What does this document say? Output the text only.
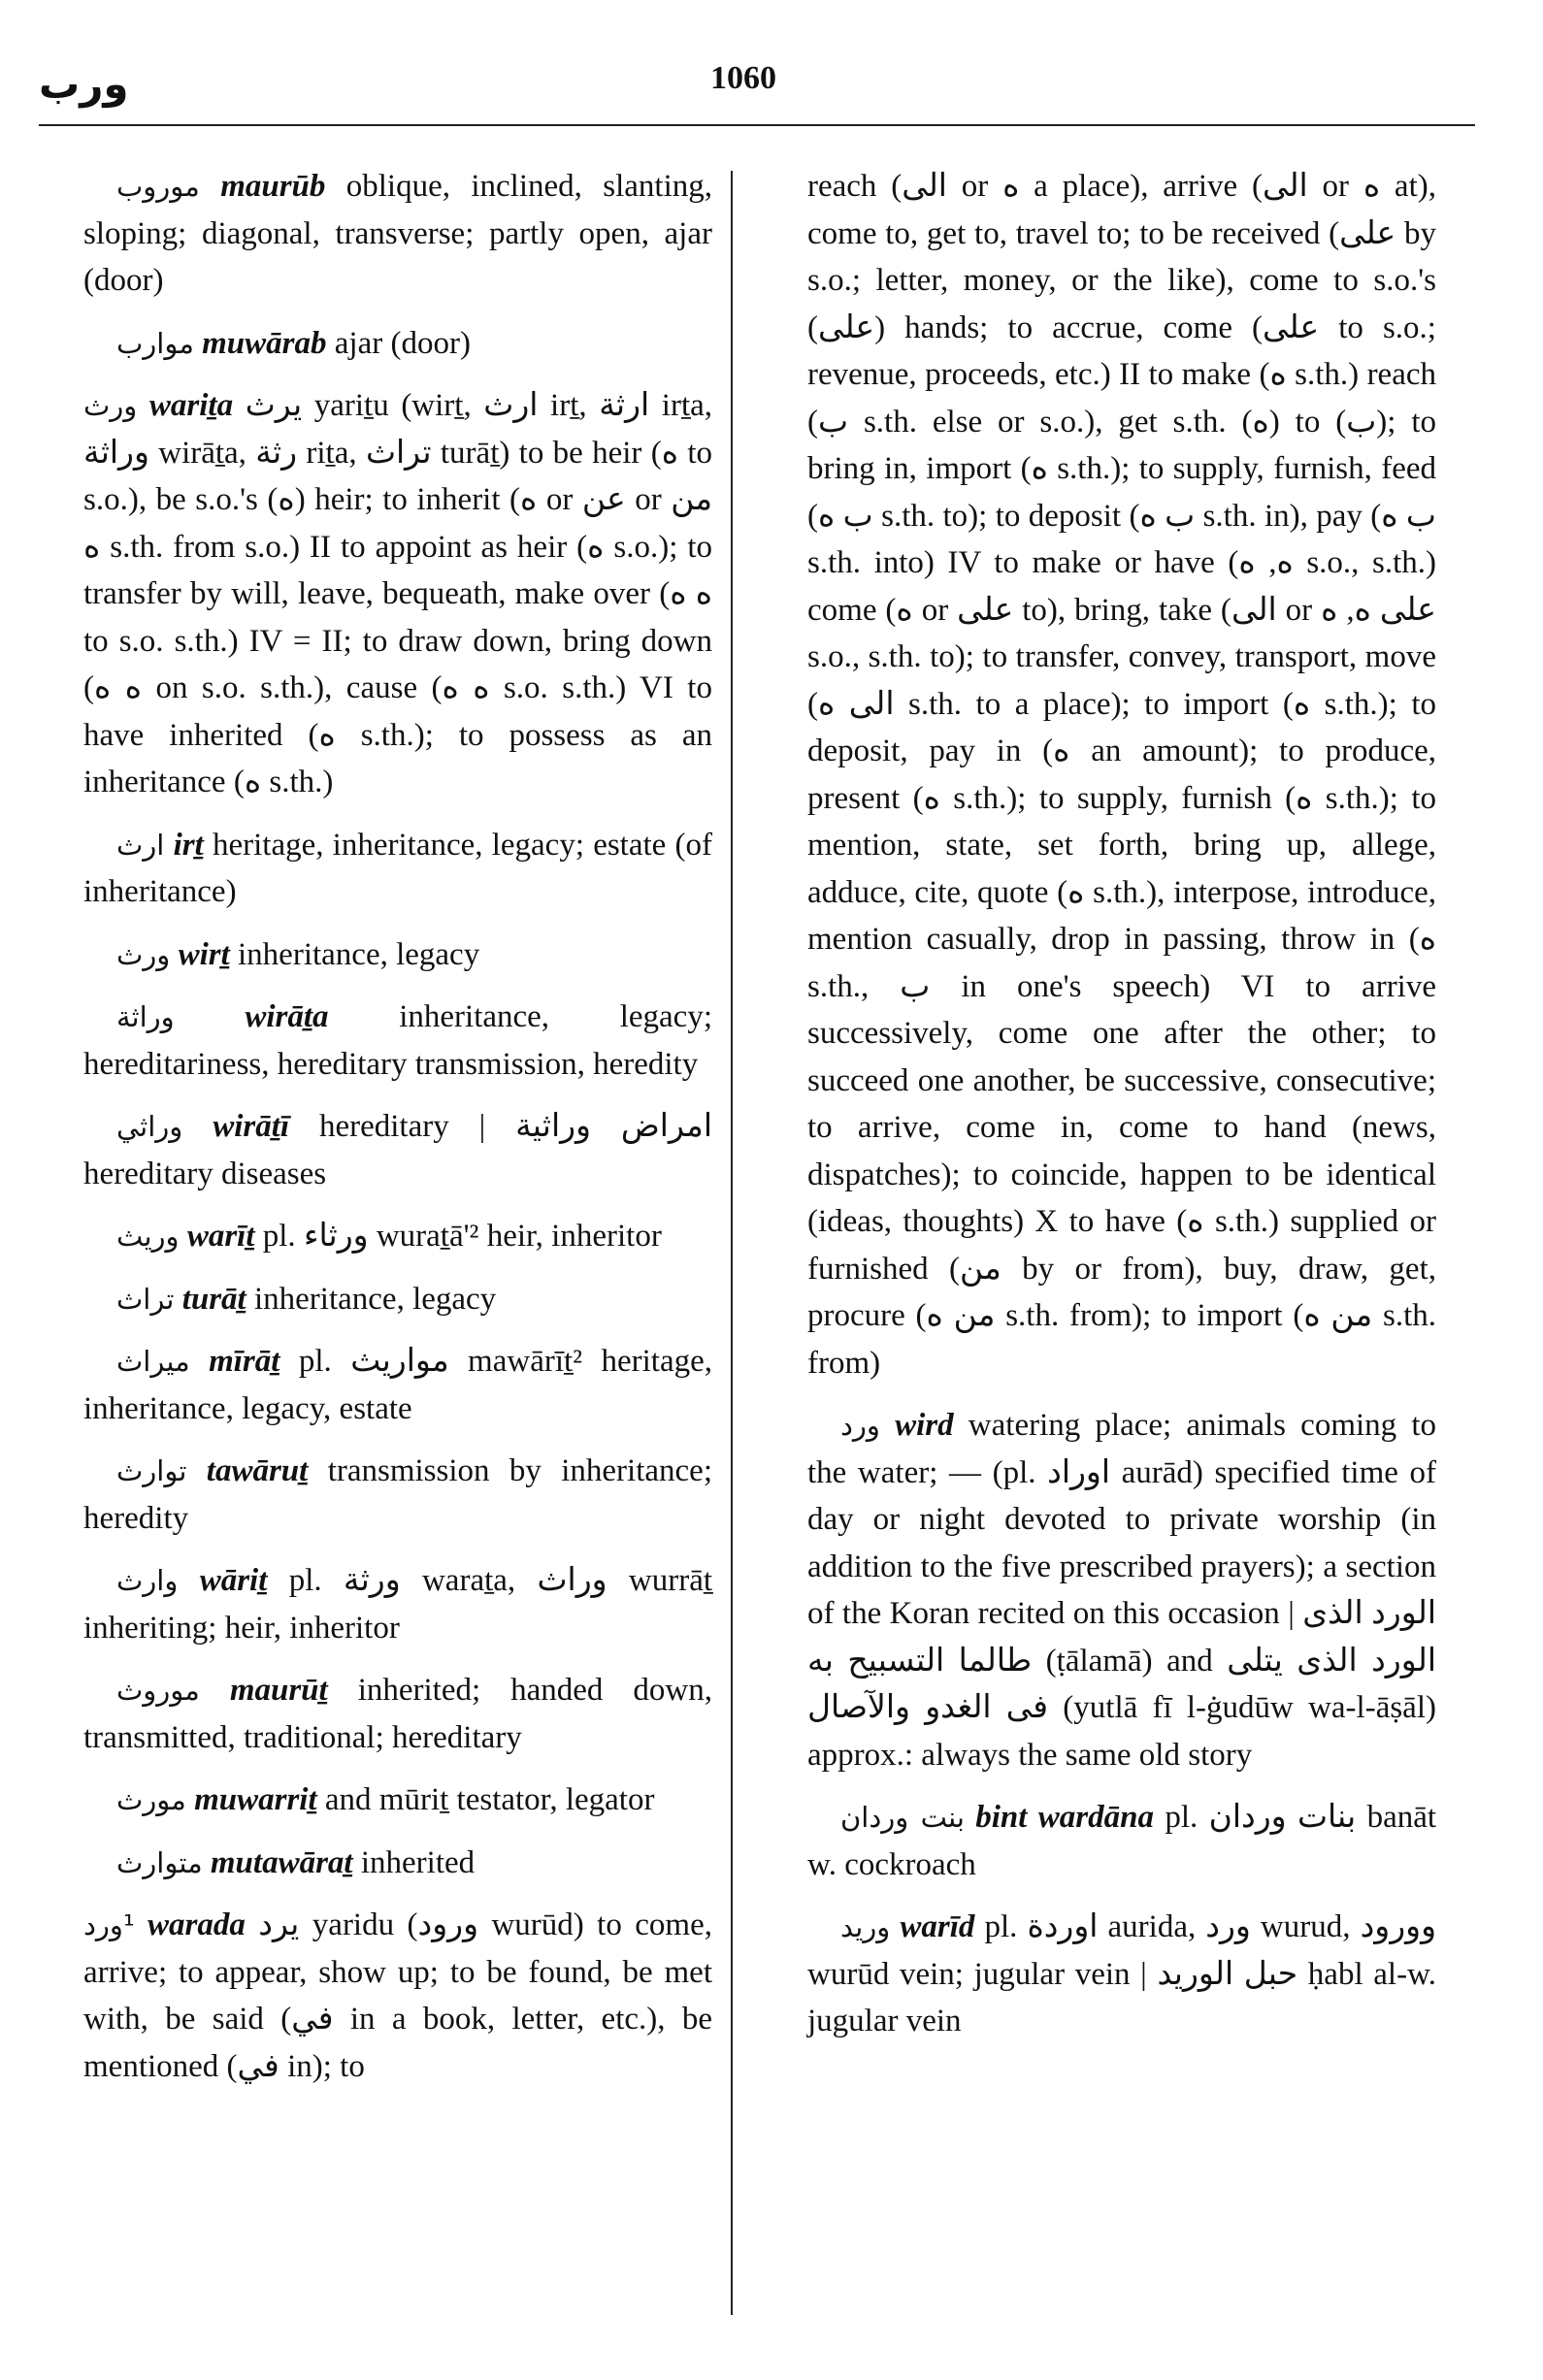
ورب	1060

موروب maurūb oblique, inclined, slanting, sloping; diagonal, transverse; partly open, ajar (door)

موارب muwārab ajar (door)

ورث wariṯa يرث yariṯu (wirṯ, ارث irṯ, ارثة irṯa, وراثة wirāṯa, رثة riṯa, تراث turāṯ) to be heir (ه to s.o.), be s.o.'s (ه) heir; to inherit (ه or عن or من ه s.th. from s.o.) II to appoint as heir (ه s.o.); to transfer by will, leave, bequeath, make over (ه ه to s.o. s.th.) IV = II; to draw down, bring down (ه ه on s.o. s.th.), cause (ه ه s.o. s.th.) VI to have inherited (ه s.th.); to possess as an inheritance (ه s.th.)

ارث irṯ heritage, inheritance, legacy; estate (of inheritance)

ورث wirṯ inheritance, legacy

وراثة wirāṯa inheritance, legacy; hereditariness, hereditary transmission, heredity

وراثي wirāṯī hereditary | امراض وراثية hereditary diseases

وريث warīṯ pl. ورثاء wuraṯā'² heir, inheritor

تراث turāṯ inheritance, legacy

ميراث mīrāṯ pl. مواريث mawārīṯ² heritage, inheritance, legacy, estate

توارث tawāruṯ transmission by inheritance; heredity

وارث wāriṯ pl. ورثة waraṯa, وراث wurrāṯ inheriting; heir, inheritor

موروث maurūṯ inherited; handed down, transmitted, traditional; hereditary

مورث muwarriṯ and mūriṯ testator, legator

متوارث mutawāraṯ inherited

¹ورد warada يرد yaridu (ورود wurūd) to come, arrive; to appear, show up; to be found, be met with, be said (في in a book, letter, etc.), be mentioned (في in); to

reach (الى or ه a place), arrive (الى or ه at), come to, get to, travel to; to be received (على by s.o.; letter, money, or the like), come to s.o.'s (على) hands; to accrue, come (على to s.o.; revenue, proceeds, etc.) II to make (ه s.th.) reach (ب s.th. else or s.o.), get s.th. (ه) to (ب); to bring in, import (ه s.th.); to supply, furnish, feed (ب ه s.th. to); to deposit (ب ه s.th. in), pay (ب ه s.th. into) IV to make or have (ه, ه s.o., s.th.) come (ه or على to), bring, take (الى or على ه, ه s.o., s.th. to); to transfer, convey, transport, move (الى ه s.th. to a place); to import (ه s.th.); to deposit, pay in (ه an amount); to produce, present (ه s.th.); to supply, furnish (ه s.th.); to mention, state, set forth, bring up, allege, adduce, cite, quote (ه s.th.), interpose, introduce, mention casually, drop in passing, throw in (ه s.th., ب in one's speech) VI to arrive successively, come one after the other; to succeed one another, be successive, consecutive; to arrive, come in, come to hand (news, dispatches); to coincide, happen to be identical (ideas, thoughts) X to have (ه s.th.) supplied or furnished (من by or from), buy, draw, get, procure (من ه s.th. from); to import (من ه s.th. from)

ورد wird watering place; animals coming to the water; — (pl. اوراد aurād) specified time of day or night devoted to private worship (in addition to the five prescribed prayers); a section of the Koran recited on this occasion | الورد الذى طالما التسبيح به (ṭālamā) and الورد الذى يتلى فى الغدو والآصال (yutlā fī l-ġudūw wa-l-āṣāl) approx.: always the same old story

بنت وردان bint wardāna pl. بنات وردان banāt w. cockroach

وريد warīd pl. اوردة aurida, ورد wurud, وورود wurūd vein; jugular vein | حبل الوريد ḥabl al-w. jugular vein
